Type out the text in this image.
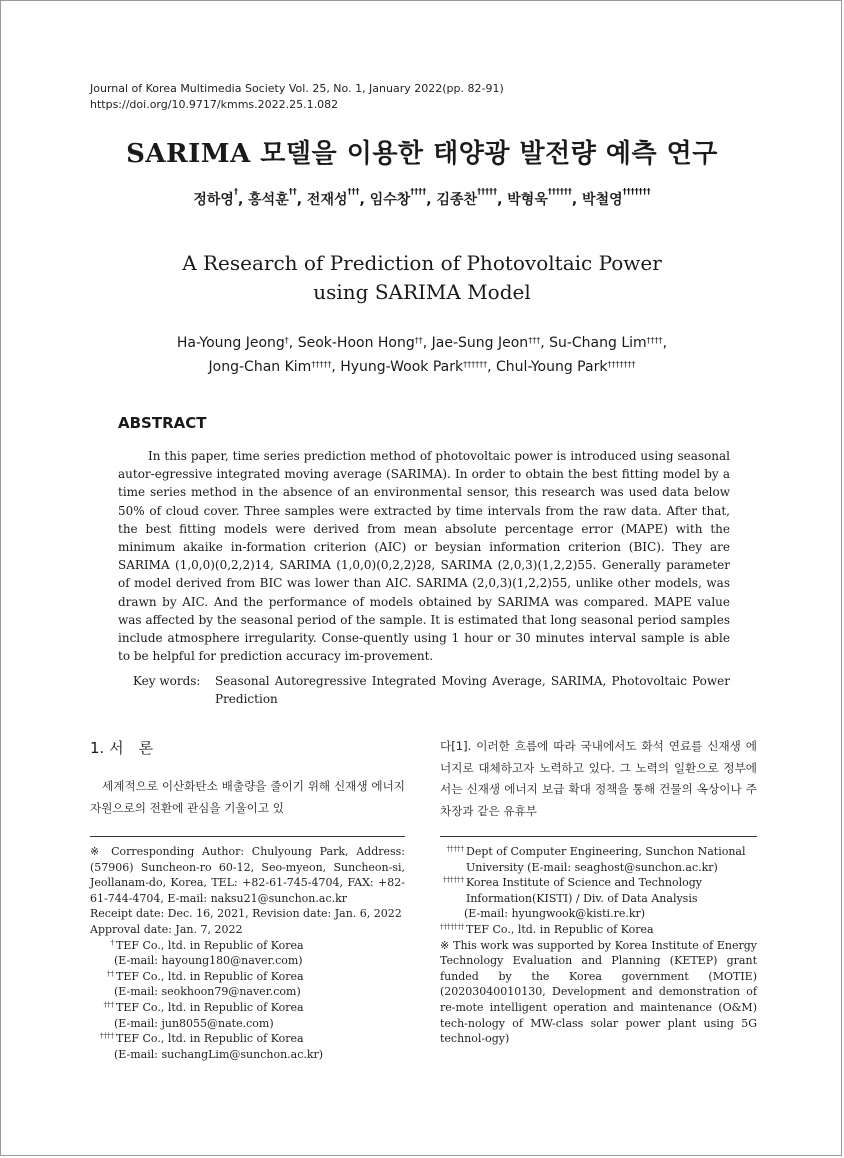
Journal of Korea Multimedia Society Vol. 25, No. 1, January 2022(pp. 82-91)
https://doi.org/10.9717/kmms.2022.25.1.082
SARIMA 모델을 이용한 태양광 발전량 예측 연구
정하영†, 홍석훈††, 전재성†††, 임수창††††, 김종찬†††††, 박형욱††††††, 박철영†††††††
A Research of Prediction of Photovoltaic Power
using SARIMA Model
Ha-Young Jeong†, Seok-Hoon Hong††, Jae-Sung Jeon†††, Su-Chang Lim††††,
Jong-Chan Kim†††††, Hyung-Wook Park††††††, Chul-Young Park†††††††
ABSTRACT
In this paper, time series prediction method of photovoltaic power is introduced using seasonal autor-egressive integrated moving average (SARIMA). In order to obtain the best fitting model by a time series method in the absence of an environmental sensor, this research was used data below 50% of cloud cover. Three samples were extracted by time intervals from the raw data. After that, the best fitting models were derived from mean absolute percentage error (MAPE) with the minimum akaike in-formation criterion (AIC) or beysian information criterion (BIC). They are SARIMA (1,0,0)(0,2,2)14, SARIMA (1,0,0)(0,2,2)28, SARIMA (2,0,3)(1,2,2)55. Generally parameter of model derived from BIC was lower than AIC. SARIMA (2,0,3)(1,2,2)55, unlike other models, was drawn by AIC. And the performance of models obtained by SARIMA was compared. MAPE value was affected by the seasonal period of the sample. It is estimated that long seasonal period samples include atmosphere irregularity. Conse-quently using 1 hour or 30 minutes interval sample is able to be helpful for prediction accuracy im-provement.
Key words:	Seasonal Autoregressive Integrated Moving Average, SARIMA, Photovoltaic Power Prediction
1. 서　론
세계적으로 이산화탄소 배출량을 줄이기 위해 신재생 에너지 자원으로의 전환에 관심을 기울이고 있
다[1]. 이러한 흐름에 따라 국내에서도 화석 연료를 신재생 에너지로 대체하고자 노력하고 있다. 그 노력의 일환으로 정부에서는 신재생 에너지 보급 확대 정책을 통해 건물의 옥상이나 주차장과 같은 유휴부

※ Corresponding Author: Chulyoung Park, Address: (57906) Suncheon-ro 60-12, Seo-myeon, Suncheon-si, Jeollanam-do, Korea, TEL: +82-61-745-4704, FAX: +82-61-744-4704, E-mail: naksu21@sunchon.ac.kr

Receipt date: Dec. 16, 2021, Revision date: Jan. 6, 2022

Approval date: Jan. 7, 2022

† TEF Co., ltd. in Republic of Korea
(E-mail: hayoung180@naver.com)
†† TEF Co., ltd. in Republic of Korea
(E-mail: seokhoon79@naver.com)
††† TEF Co., ltd. in Republic of Korea
(E-mail: jun8055@nate.com)
†††† TEF Co., ltd. in Republic of Korea
(E-mail: suchangLim@sunchon.ac.kr)
††††† Dept of Computer Engineering, Sunchon National University (E-mail: seaghost@sunchon.ac.kr)
†††††† Korea Institute of Science and Technology Information(KISTI) / Div. of Data Analysis
(E-mail: hyungwook@kisti.re.kr)
††††††† TEF Co., ltd. in Republic of Korea

※ This work was supported by Korea Institute of Energy Technology Evaluation and Planning (KETEP) grant funded by the Korea government (MOTIE) (20203040010130, Development and demonstration of re-mote intelligent operation and maintenance (O&M) tech-nology of MW-class solar power plant using 5G technol-ogy)
